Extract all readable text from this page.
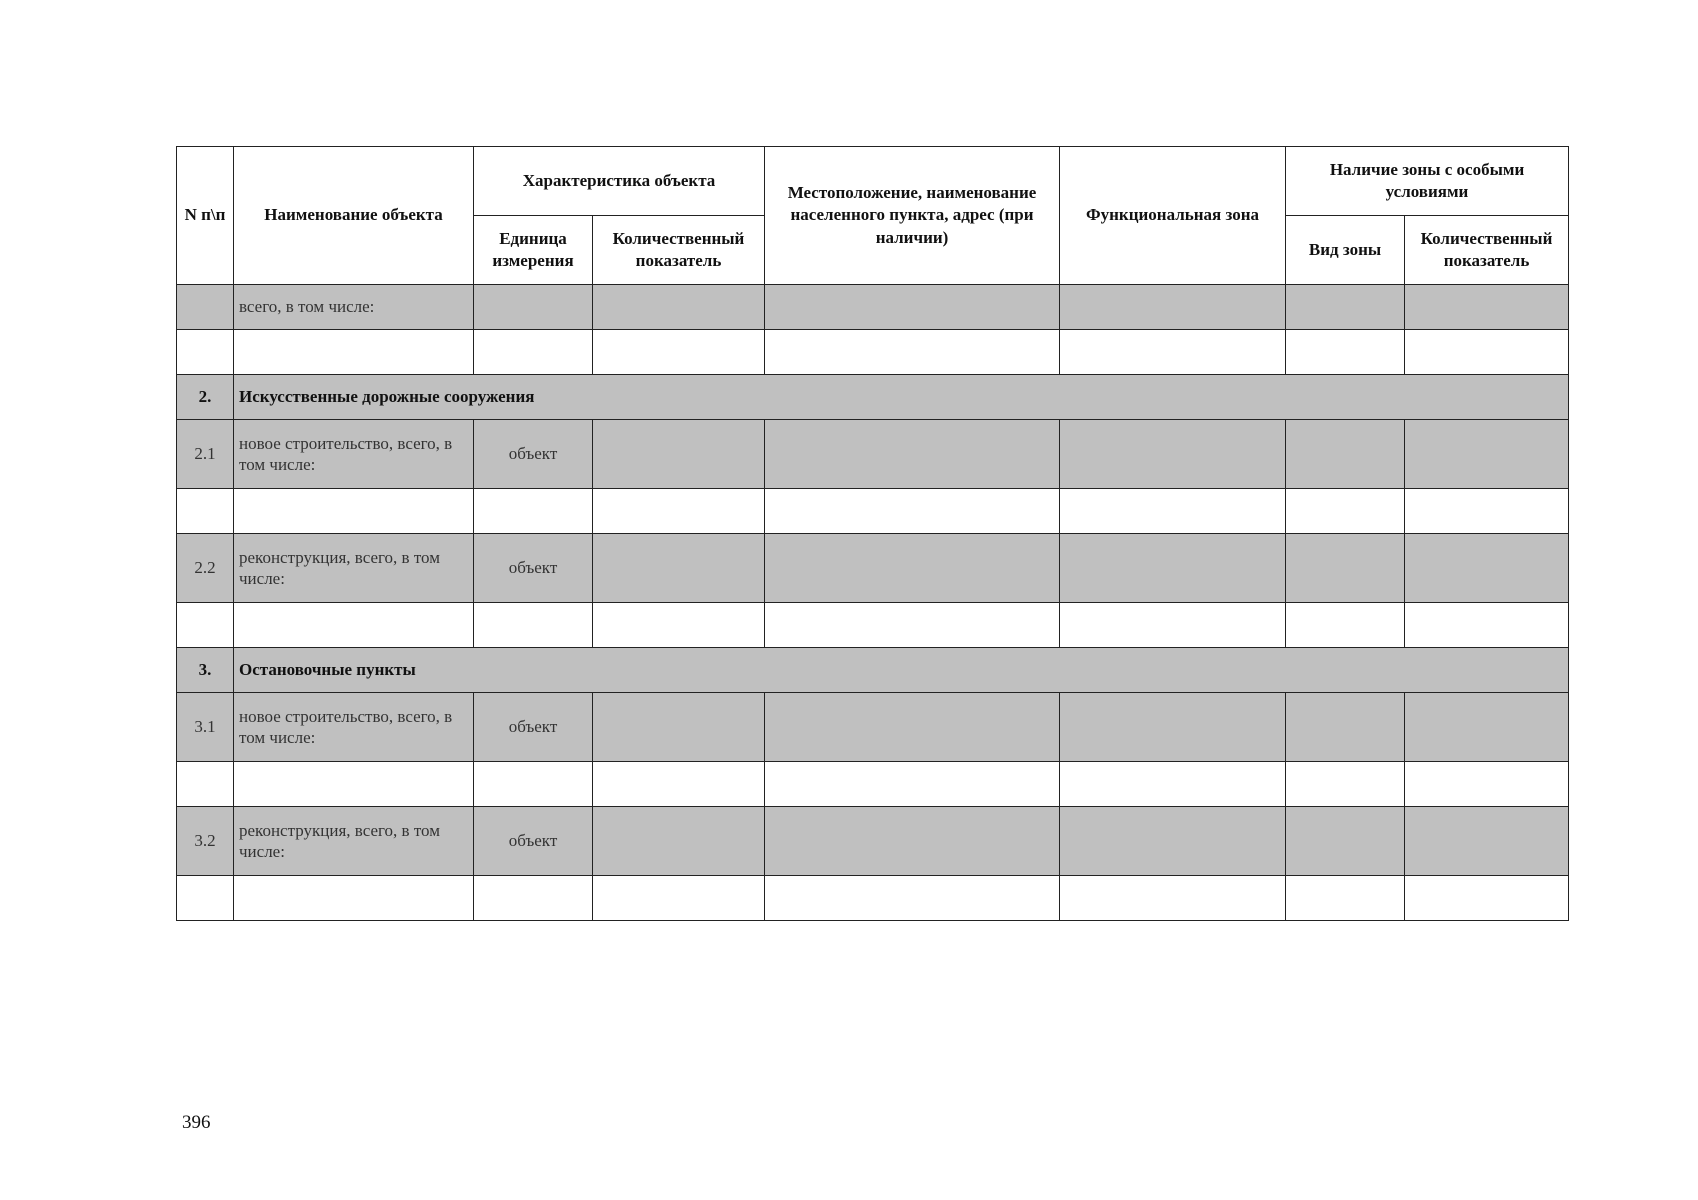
N п\п	Наименование объекта	Характеристика объекта		Местоположение, наименование населенного пункта, адрес (при наличии)	Функциональная зона	Наличие зоны с особыми условиями	
		Единица измерения	Количественный показатель			Вид зоны	Количественный показатель
	всего, в том числе:						

2.	Искусственные дорожные сооружения						
2.1	новое строительство, всего, в том числе:	объект					

2.2	реконструкция, всего, в том числе:	объект					

3.	Остановочные пункты						
3.1	новое строительство, всего, в том числе:	объект					

3.2	реконструкция, всего, в том числе:	объект					

396
